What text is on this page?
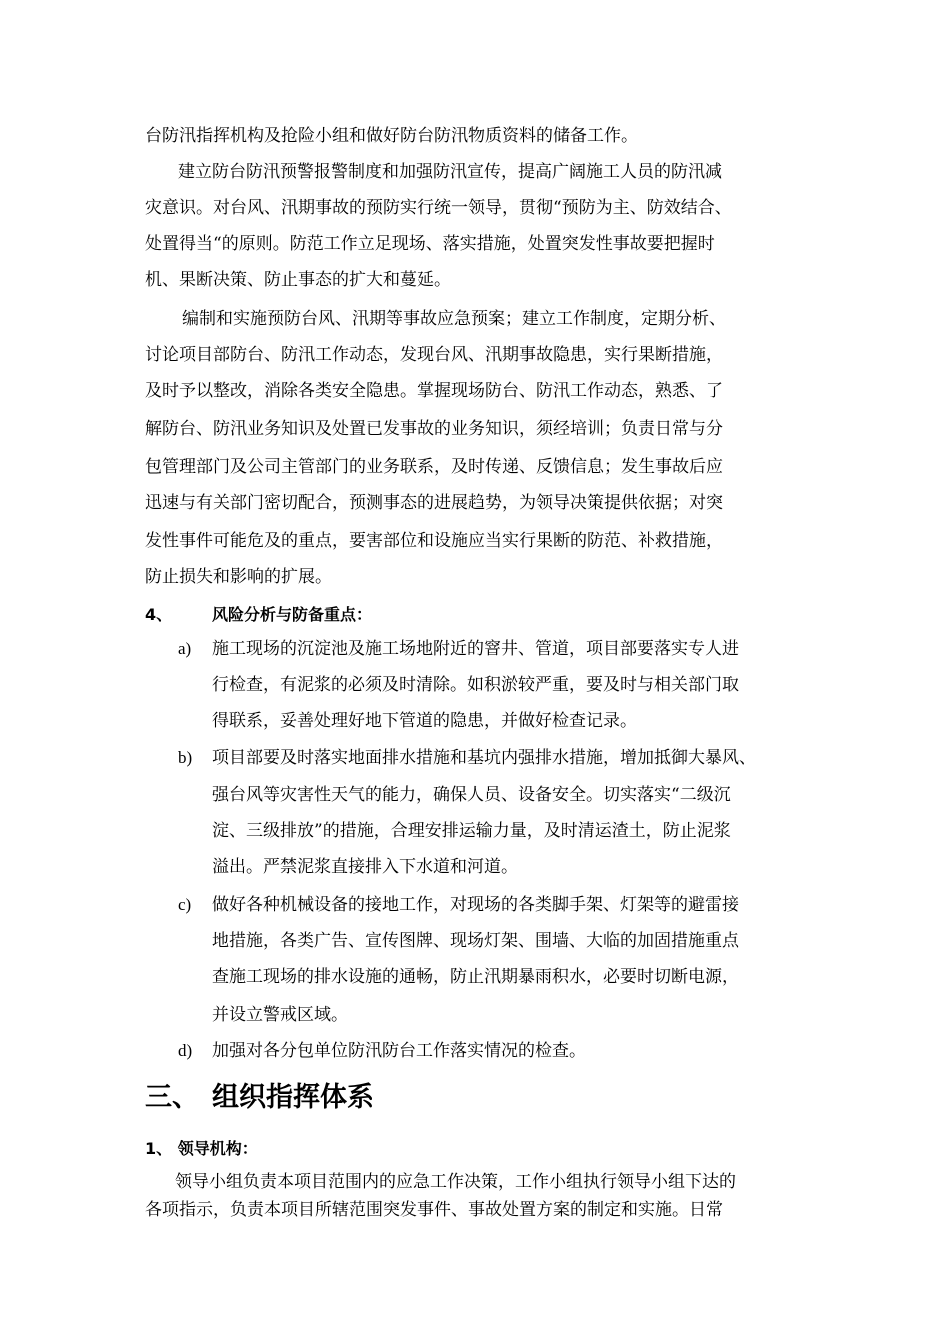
台防汛指挥机构及抢险小组和做好防台防汛物质资料的储备工作。
建立防台防汛预警报警制度和加强防汛宣传，提高广阔施工人员的防汛减
灾意识。对台风、汛期事故的预防实行统一领导，贯彻“预防为主、防效结合、
处置得当“的原则。防范工作立足现场、落实措施，处置突发性事故要把握时
机、果断决策、防止事态的扩大和蔓延。
编制和实施预防台风、汛期等事故应急预案；建立工作制度，定期分析、
讨论项目部防台、防汛工作动态，发现台风、汛期事故隐患，实行果断措施，
及时予以整改，消除各类安全隐患。掌握现场防台、防汛工作动态，熟悉、了
解防台、防汛业务知识及处置已发事故的业务知识，须经培训；负责日常与分
包管理部门及公司主管部门的业务联系，及时传递、反馈信息；发生事故后应
迅速与有关部门密切配合，预测事态的进展趋势，为领导决策提供依据；对突
发性事件可能危及的重点，要害部位和设施应当实行果断的防范、补救措施，
防止损失和影响的扩展。
4、 风险分析与防备重点：
a) 施工现场的沉淀池及施工场地附近的窨井、管道，项目部要落实专人进
行检查，有泥浆的必须及时清除。如积淤较严重，要及时与相关部门取
得联系，妥善处理好地下管道的隐患，并做好检查记录。
b) 项目部要及时落实地面排水措施和基坑内强排水措施，增加抵御大暴风、
强台风等灾害性天气的能力，确保人员、设备安全。切实落实“二级沉
淀、三级排放”的措施，合理安排运输力量，及时清运渣土，防止泥浆
溢出。严禁泥浆直接排入下水道和河道。
c) 做好各种机械设备的接地工作，对现场的各类脚手架、灯架等的避雷接
地措施，各类广告、宣传图牌、现场灯架、围墙、大临的加固措施重点
查施工现场的排水设施的通畅，防止汛期暴雨积水，必要时切断电源，
并设立警戒区域。
d) 加强对各分包单位防汛防台工作落实情况的检查。
三、 组织指挥体系
1、 领导机构：
领导小组负责本项目范围内的应急工作决策，工作小组执行领导小组下达的
各项指示，负责本项目所辖范围突发事件、事故处置方案的制定和实施。日常
